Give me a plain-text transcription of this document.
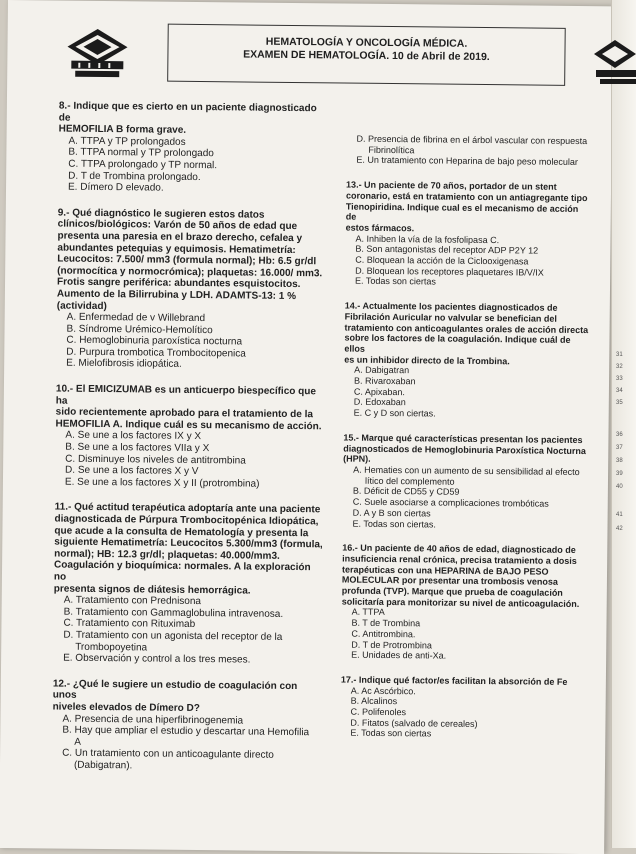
HEMATOLOGÍA Y ONCOLOGÍA MÉDICA.
EXAMEN DE HEMATOLOGÍA. 10 de Abril de 2019.
8.- Indique que es cierto en un paciente diagnosticado de
HEMOFILIA B forma grave.
A. TTPA y TP prolongados
B. TTPA normal y TP prolongado
C. TTPA prolongado y TP normal.
D. T de Trombina prolongado.
E. Dímero D elevado.
9.- Qué diagnóstico le sugieren estos datos
clínicos/biológicos: Varón de 50 años de edad que
presenta una paresia en el brazo derecho, cefalea y
abundantes petequias y equimosis. Hematimetría:
Leucocitos: 7.500/ mm3 (formula normal); Hb: 6.5 gr/dl
(normocítica y normocrómica); plaquetas: 16.000/ mm3.
Frotis sangre periférica: abundantes esquistocitos.
Aumento de la Bilirrubina y LDH. ADAMTS-13: 1 %
(actividad)
A. Enfermedad de v Willebrand
B. Síndrome Urémico-Hemolítico
C. Hemoglobinuria paroxística nocturna
D. Purpura trombotica Trombocitopenica
E. Mielofibrosis idiopática.
10.- El EMICIZUMAB es un anticuerpo biespecífico que ha
sido recientemente aprobado para el tratamiento de la
HEMOFILIA A. Indique cuál es su mecanismo de acción.
A. Se une a los factores IX y X
B. Se une a los factores VIIa y X
C. Disminuye los niveles de antitrombina
D. Se une a los factores X y V
E. Se une a los factores X y II (protrombina)
11.- Qué actitud terapéutica adoptaría ante una paciente
diagnosticada de Púrpura Trombocitopénica Idiopática,
que acude a la consulta de Hematología y presenta la
siguiente Hematimetría: Leucocitos 5.300/mm3 (formula,
normal); HB: 12.3 gr/dl; plaquetas: 40.000/mm3.
Coagulación y bioquímica: normales. A la exploración no
presenta signos de diátesis hemorrágica.
A. Tratamiento con Prednisona
B. Tratamiento con Gammaglobulina intravenosa.
C. Tratamiento con Rituximab
D. Tratamiento con un agonista del receptor de la
Trombopoyetina
E. Observación y control a los tres meses.
12.- ¿Qué le sugiere un estudio de coagulación con unos
niveles elevados de Dímero D?
A. Presencia de una hiperfibrinogenemia
B. Hay que ampliar el estudio y descartar una Hemofilia
A
C. Un tratamiento con un anticoagulante directo
(Dabigatran).
D. Presencia de fibrina en el árbol vascular con respuesta
Fibrinolítica
E. Un tratamiento con Heparina de bajo peso molecular
13.- Un paciente de 70 años, portador de un stent
coronario, está en tratamiento con un antiagregante tipo
Tienopiridina. Indique cual es el mecanismo de acción de
estos fármacos.
A. Inhiben la vía de la fosfolipasa C.
B. Son antagonistas del receptor ADP P2Y 12
C. Bloquean la acción de la Ciclooxigenasa
D. Bloquean los receptores plaquetares IB/V/IX
E. Todas son ciertas
14.- Actualmente los pacientes diagnosticados de
Fibrilación Auricular no valvular se benefician del
tratamiento con anticoagulantes orales de acción directa
sobre los factores de la coagulación. Indique cuál de ellos
es un inhibidor directo de la Trombina.
A. Dabigatran
B. Rivaroxaban
C. Apixaban.
D. Edoxaban
E. C y D son ciertas.
15.- Marque qué características presentan los pacientes
diagnosticados de Hemoglobinuria Paroxística Nocturna
(HPN).
A. Hematies con un aumento de su sensibilidad al efecto
lítico del complemento
B. Déficit de CD55 y CD59
C. Suele asociarse a complicaciones trombóticas
D. A y B son ciertas
E. Todas son ciertas.
16.- Un paciente de 40 años de edad, diagnosticado de
insuficiencia renal crónica, precisa tratamiento a dosis
terapéuticas con una HEPARINA de BAJO PESO
MOLECULAR por presentar una trombosis venosa
profunda (TVP). Marque que prueba de coagulación
solicitaría para monitorizar su nivel de anticoagulación.
A. TTPA
B. T de Trombina
C. Antitrombina.
D. T de Protrombina
E. Unidades de anti-Xa.
17.- Indique qué factor/es facilitan la absorción de Fe
A. Ac Ascórbico.
B. Alcalinos
C. Polifenoles
D. Fitatos (salvado de cereales)
E. Todas son ciertas
31
32
33
34
35
36
37
38
39
40
41
42
